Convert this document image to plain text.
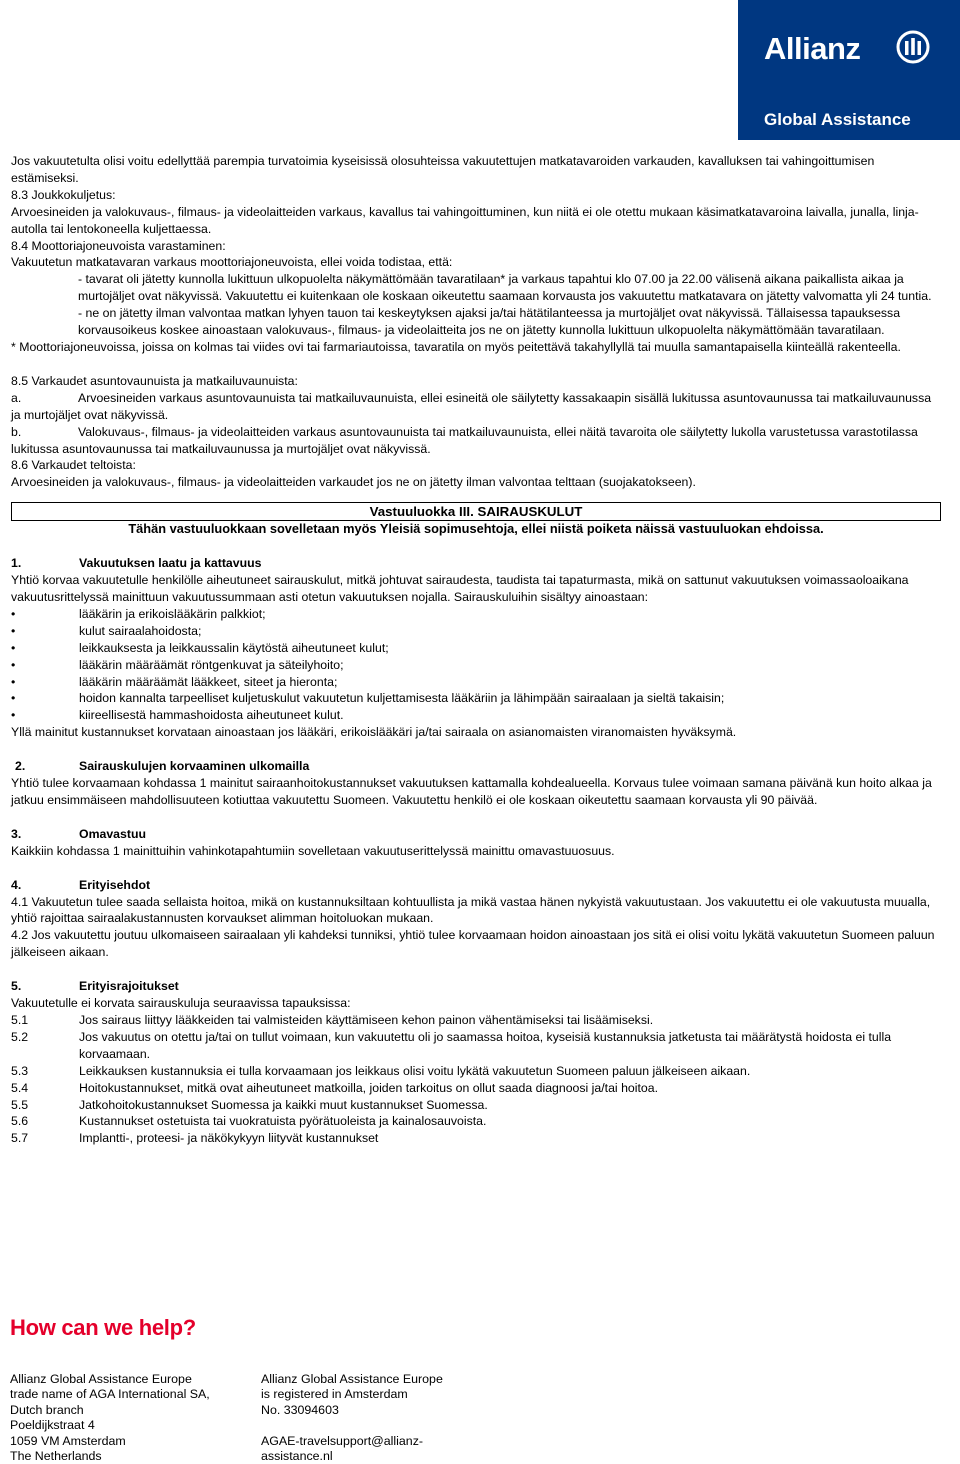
Allianz
Global Assistance

Jos vakuutetulta olisi voitu edellyttää parempia turvatoimia kyseisissä olosuhteissa vakuutettujen matkatavaroiden varkauden, kavalluksen tai vahingoittumisen estämiseksi.

8.3 Joukkokuljetus:

Arvoesineiden ja valokuvaus-, filmaus- ja videolaitteiden varkaus, kavallus tai vahingoittuminen, kun niitä ei ole otettu mukaan käsimatkatavaroina laivalla, junalla, linja-autolla tai lentokoneella kuljettaessa.

8.4 Moottoriajoneuvoista varastaminen:

Vakuutetun matkatavaran varkaus moottoriajoneuvoista, ellei voida todistaa, että:

- tavarat oli jätetty kunnolla lukittuun ulkopuolelta näkymättömään tavaratilaan* ja varkaus tapahtui klo 07.00 ja 22.00 välisenä aikana paikallista aikaa ja murtojäljet ovat näkyvissä. Vakuutettu ei kuitenkaan ole koskaan oikeutettu saamaan korvausta jos vakuutettu matkatavara on jätetty valvomatta yli 24 tuntia.

- ne on jätetty ilman valvontaa matkan lyhyen tauon tai keskeytyksen ajaksi ja/tai hätätilanteessa ja murtojäljet ovat näkyvissä. Tällaisessa tapauksessa korvausoikeus koskee ainoastaan valokuvaus-, filmaus- ja videolaitteita jos ne on jätetty kunnolla lukittuun ulkopuolelta näkymättömään tavaratilaan.

* Moottoriajoneuvoissa, joissa on kolmas tai viides ovi tai farmariautoissa, tavaratila on myös peitettävä takahyllyllä tai muulla samantapaisella kiinteällä rakenteella.

8.5 Varkaudet asuntovaunuista ja matkailuvaunuista:

a.	Arvoesineiden varkaus asuntovaunuista tai matkailuvaunuista, ellei esineitä ole säilytetty kassakaapin sisällä lukitussa asuntovaunussa tai matkailuvaunussa ja murtojäljet ovat näkyvissä.

b.	Valokuvaus-, filmaus- ja videolaitteiden varkaus asuntovaunuista tai matkailuvaunuista, ellei näitä tavaroita ole säilytetty lukolla varustetussa varastotilassa lukitussa asuntovaunussa tai matkailuvaunussa ja murtojäljet ovat näkyvissä.

8.6 Varkaudet teltoista:

Arvoesineiden ja valokuvaus-, filmaus- ja videolaitteiden varkaudet jos ne on jätetty ilman valvontaa telttaan (suojakatokseen).

Vastuuluokka III. SAIRAUSKULUT

Tähän vastuuluokkaan sovelletaan myös Yleisiä sopimusehtoja, ellei niistä poiketa näissä vastuuluokan ehdoissa.

1.	Vakuutuksen laatu ja kattavuus

Yhtiö korvaa vakuutetulle henkilölle aiheutuneet sairauskulut, mitkä johtuvat sairaudesta, taudista tai tapaturmasta, mikä on sattunut vakuutuksen voimassaoloaikana vakuutusrittelyssä mainittuun vakuutussummaan asti otetun vakuutuksen nojalla. Sairauskuluihin sisältyy ainoastaan:

•	lääkärin ja erikoislääkärin palkkiot;
•	kulut sairaalahoidosta;
•	leikkauksesta ja leikkaussalin käytöstä aiheutuneet kulut;
•	lääkärin määräämät röntgenkuvat ja säteilyhoito;
•	lääkärin määräämät lääkkeet, siteet ja hieronta;
•	hoidon kannalta tarpeelliset kuljetuskulut vakuutetun kuljettamisesta lääkäriin ja lähimpään sairaalaan ja sieltä takaisin;
•	kiireellisestä hammashoidosta aiheutuneet kulut.

Yllä mainitut kustannukset korvataan ainoastaan jos lääkäri, erikoislääkäri ja/tai sairaala on asianomaisten viranomaisten hyväksymä.

2.	Sairauskulujen korvaaminen ulkomailla

Yhtiö tulee korvaamaan kohdassa 1 mainitut sairaanhoitokustannukset vakuutuksen kattamalla kohdealueella. Korvaus tulee voimaan samana päivänä kun hoito alkaa ja jatkuu ensimmäiseen mahdollisuuteen kotiuttaa vakuutettu Suomeen. Vakuutettu henkilö ei ole koskaan oikeutettu saamaan korvausta yli 90 päivää.

3.	Omavastuu

Kaikkiin kohdassa 1 mainittuihin vahinkotapahtumiin sovelletaan vakuutuserittelyssä mainittu omavastuuosuus.

4.	Erityisehdot

4.1 Vakuutetun tulee saada sellaista hoitoa, mikä on kustannuksiltaan kohtuullista ja mikä vastaa hänen nykyistä vakuutustaan. Jos vakuutettu ei ole vakuutusta muualla, yhtiö rajoittaa sairaalakustannusten korvaukset alimman hoitoluokan mukaan.

4.2 Jos vakuutettu joutuu ulkomaiseen sairaalaan yli kahdeksi tunniksi, yhtiö tulee korvaamaan hoidon ainoastaan jos sitä ei olisi voitu lykätä vakuutetun Suomeen paluun jälkeiseen aikaan.

5.	Erityisrajoitukset

Vakuutetulle ei korvata sairauskuluja seuraavissa tapauksissa:

5.1	Jos sairaus liittyy lääkkeiden tai valmisteiden käyttämiseen kehon painon vähentämiseksi tai lisäämiseksi.
5.2	Jos vakuutus on otettu ja/tai on tullut voimaan, kun vakuutettu oli jo saamassa hoitoa, kyseisiä kustannuksia jatketusta tai määrätystä hoidosta ei tulla korvaamaan.
5.3	Leikkauksen kustannuksia ei tulla korvaamaan jos leikkaus olisi voitu lykätä vakuutetun Suomeen paluun jälkeiseen aikaan.
5.4	Hoitokustannukset, mitkä ovat aiheutuneet matkoilla, joiden tarkoitus on ollut saada diagnoosi ja/tai hoitoa.
5.5	Jatkohoitokustannukset Suomessa ja kaikki muut kustannukset Suomessa.
5.6	Kustannukset ostetuista tai vuokratuista pyörätuoleista ja kainalosauvoista.
5.7	Implantti-, proteesi- ja näkökykyyn liityvät kustannukset
How can we help?
Allianz Global Assistance Europe
trade name of AGA International SA,
Dutch branch
Poeldijkstraat 4
1059 VM Amsterdam
The Netherlands
Allianz Global Assistance Europe
is registered in Amsterdam
No. 33094603
AGAE-travelsupport@allianz-
assistance.nl
